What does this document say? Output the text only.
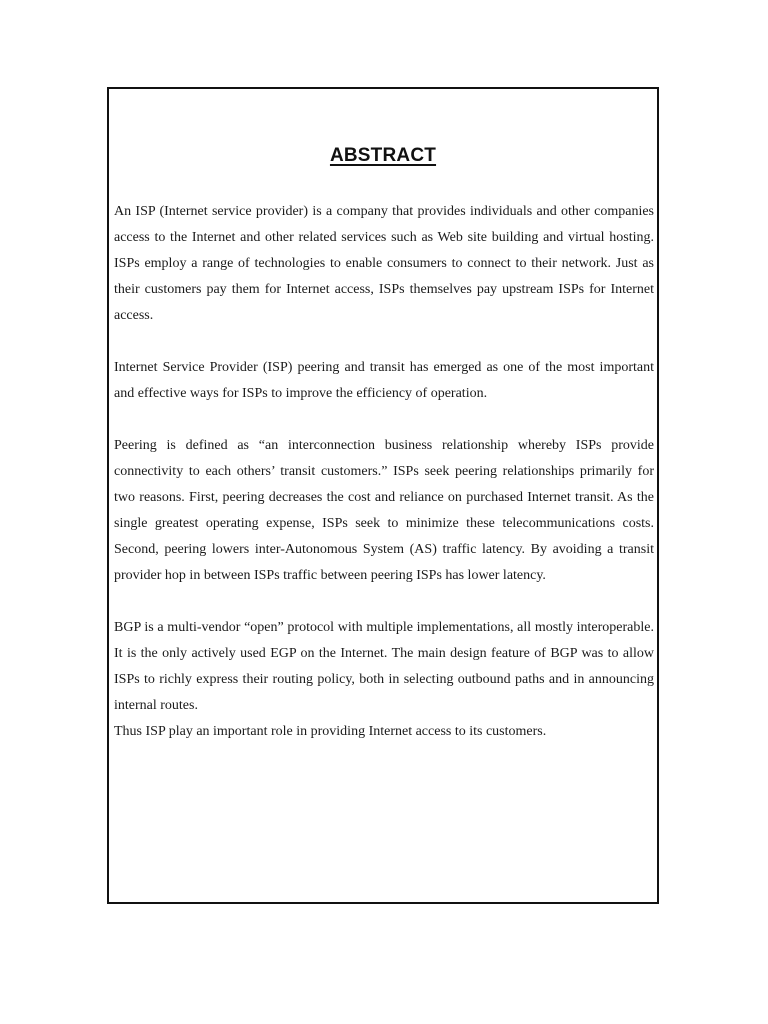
ABSTRACT

An ISP (Internet service provider) is a company that provides individuals and other companies access to the Internet and other related services such as Web site building and virtual hosting. ISPs employ a range of technologies to enable consumers to connect to their network. Just as their customers pay them for Internet access, ISPs themselves pay upstream ISPs for Internet access.

Internet Service Provider (ISP) peering and transit has emerged as one of the most important and effective ways for ISPs to improve the efficiency of operation.

Peering is defined as “an interconnection business relationship whereby ISPs provide connectivity to each others’ transit customers.” ISPs seek peering relationships primarily for two reasons. First, peering decreases the cost and reliance on purchased Internet transit. As the single greatest operating expense, ISPs seek to minimize these telecommunications costs. Second, peering lowers inter-Autonomous System (AS) traffic latency. By avoiding a transit provider hop in between ISPs traffic between peering ISPs has lower latency.

BGP is a multi-vendor “open” protocol with multiple implementations, all mostly interoperable. It is the only actively used EGP on the Internet. The main design feature of BGP was to allow ISPs to richly express their routing policy, both in selecting outbound paths and in announcing internal routes.

Thus ISP play an important role in providing Internet access to its customers.
